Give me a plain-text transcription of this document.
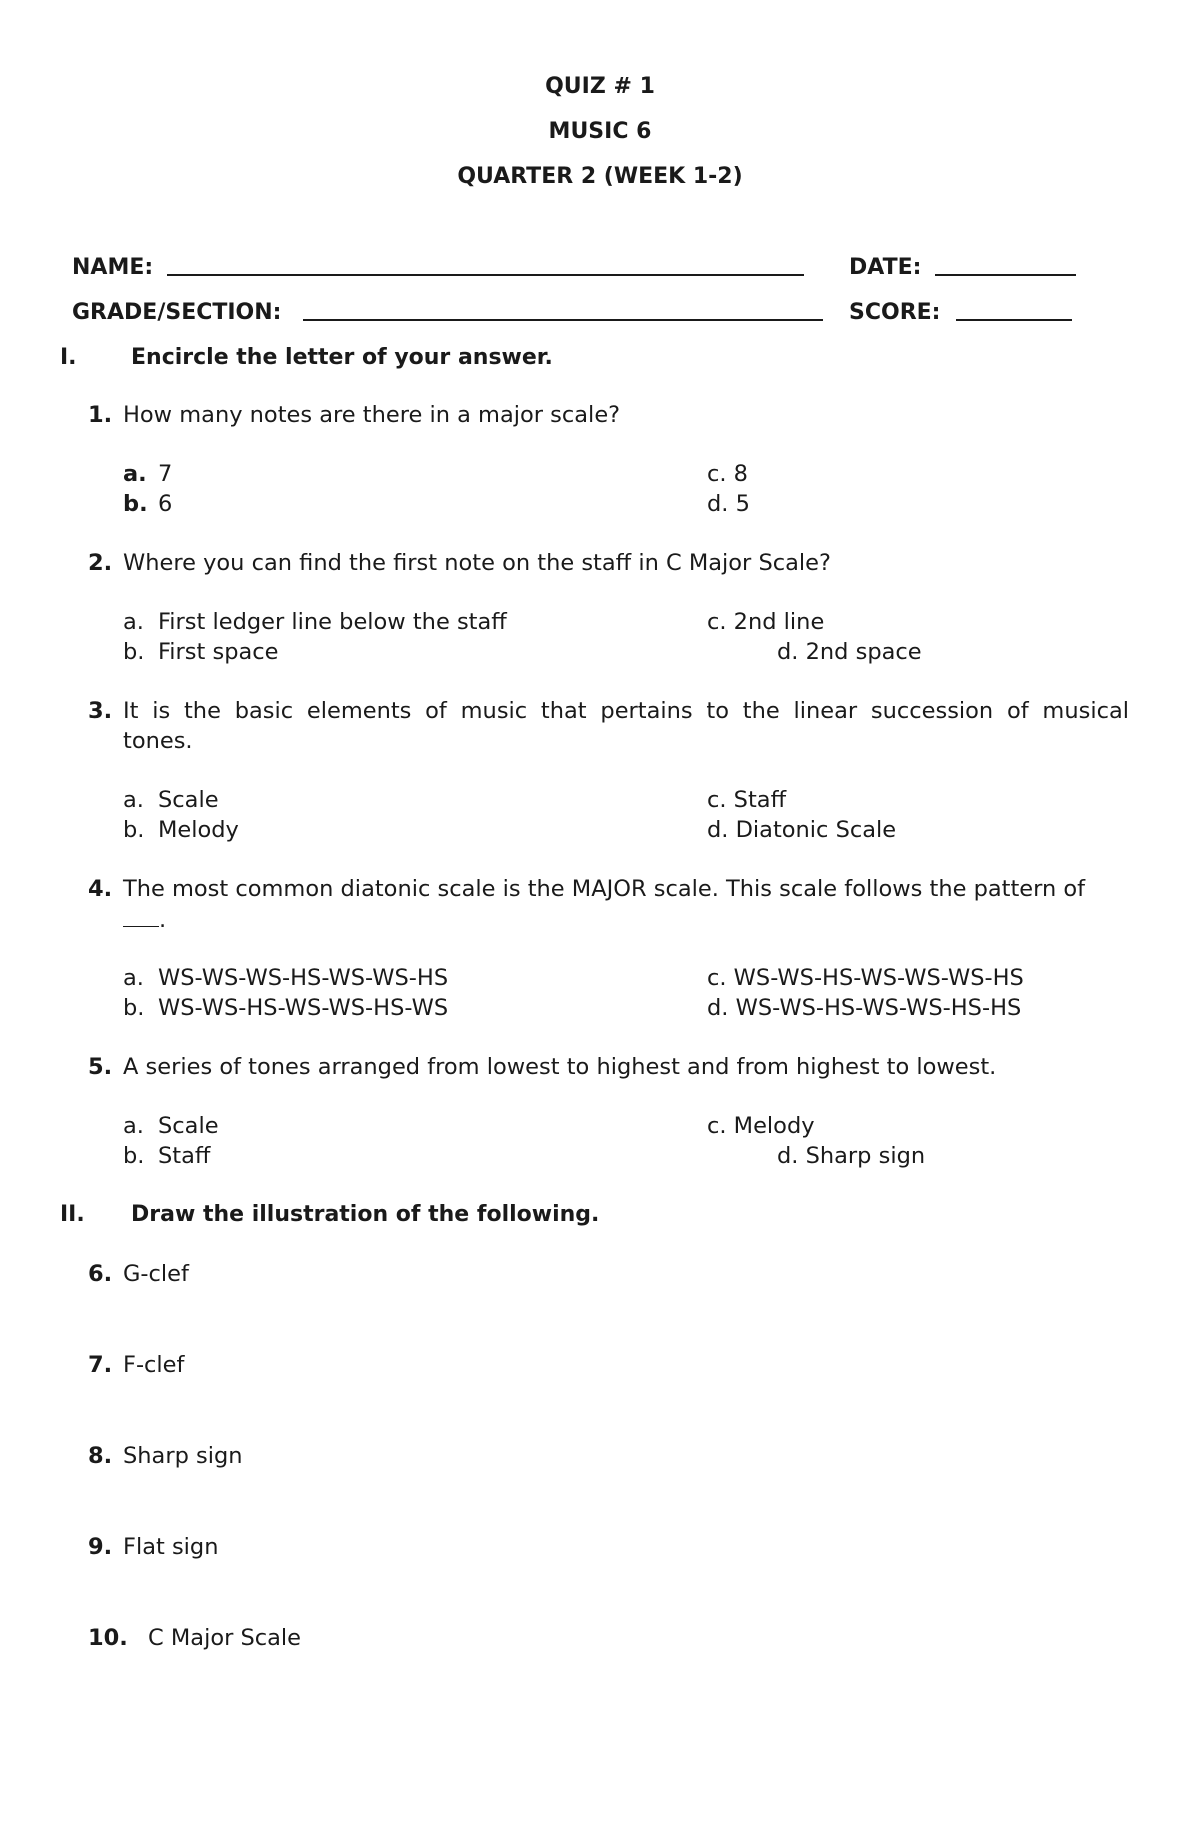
QUIZ # 1
MUSIC 6
QUARTER 2 (WEEK 1-2)
NAME:	DATE:
GRADE/SECTION:	SCORE:
I. Encircle the letter of your answer.
1. How many notes are there in a major scale?
a. 7
b. 6
c. 8
d. 5
2. Where you can find the first note on the staff in C Major Scale?
a. First ledger line below the staff
b. First space
c. 2nd line
d. 2nd space
3. It is the basic elements of music that pertains to the linear succession of musical
tones.
a. Scale
b. Melody
c. Staff
d. Diatonic Scale
4. The most common diatonic scale is the MAJOR scale. This scale follows the pattern of
.
a. WS-WS-WS-HS-WS-WS-HS
b. WS-WS-HS-WS-WS-HS-WS
c. WS-WS-HS-WS-WS-WS-HS
d. WS-WS-HS-WS-WS-HS-HS
5. A series of tones arranged from lowest to highest and from highest to lowest.
a. Scale
b. Staff
c. Melody
d. Sharp sign
II. Draw the illustration of the following.
6. G-clef
7. F-clef
8. Sharp sign
9. Flat sign
10. C Major Scale
